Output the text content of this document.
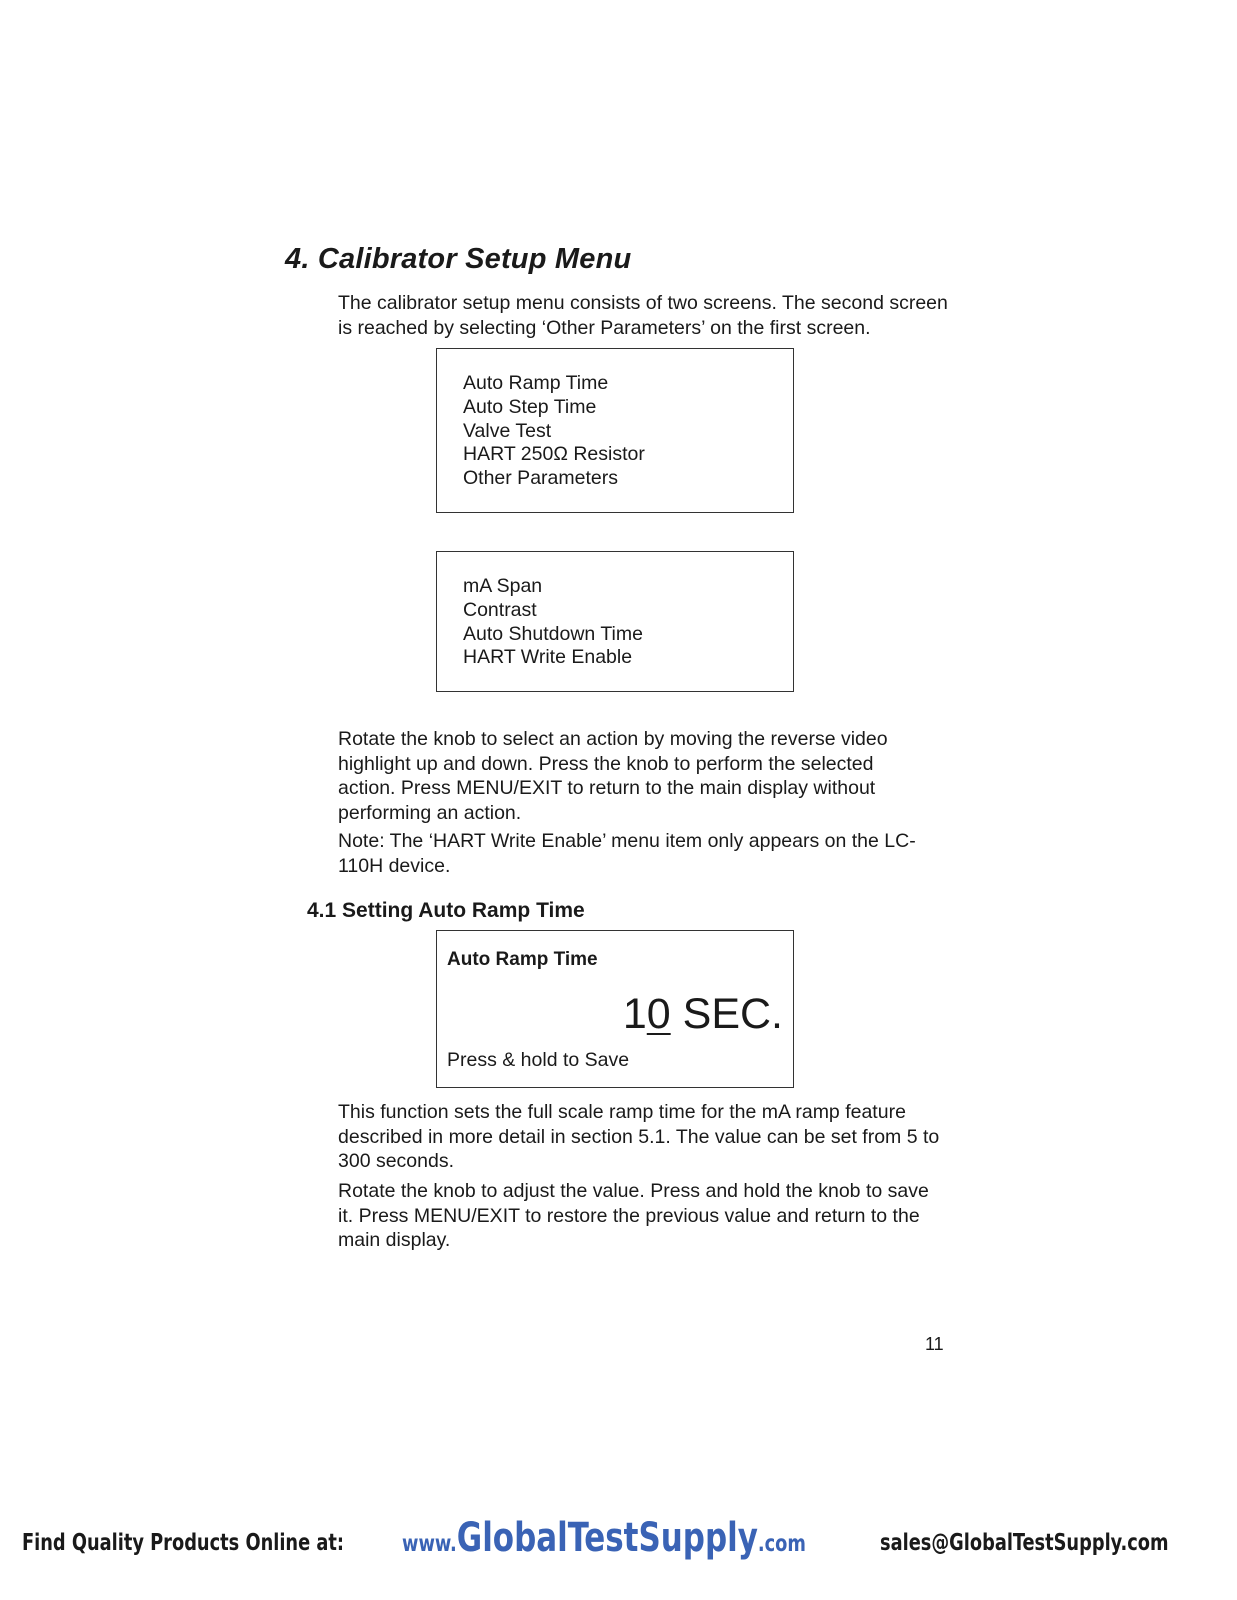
4. Calibrator Setup Menu

The calibrator setup menu consists of two screens. The second screen is reached by selecting ‘Other Parameters’ on the first screen.

Auto Ramp Time
Auto Step Time
Valve Test
HART 250Ω Resistor
Other Parameters
mA Span
Contrast
Auto Shutdown Time
HART Write Enable

Rotate the knob to select an action by moving the reverse video highlight up and down. Press the knob to perform the selected action. Press MENU/EXIT to return to the main display without performing an action.

Note: The ‘HART Write Enable’ menu item only appears on the LC-110H device.

4.1 Setting Auto Ramp Time
Auto Ramp Time
10 SEC.
Press & hold to Save

This function sets the full scale ramp time for the mA ramp feature described in more detail in section 5.1. The value can be set from 5 to 300 seconds.

Rotate the knob to adjust the value. Press and hold the knob to save it. Press MENU/EXIT to restore the previous value and return to the main display.

11
Find Quality Products Online at:	www.GlobalTestSupply.com	sales@GlobalTestSupply.com
